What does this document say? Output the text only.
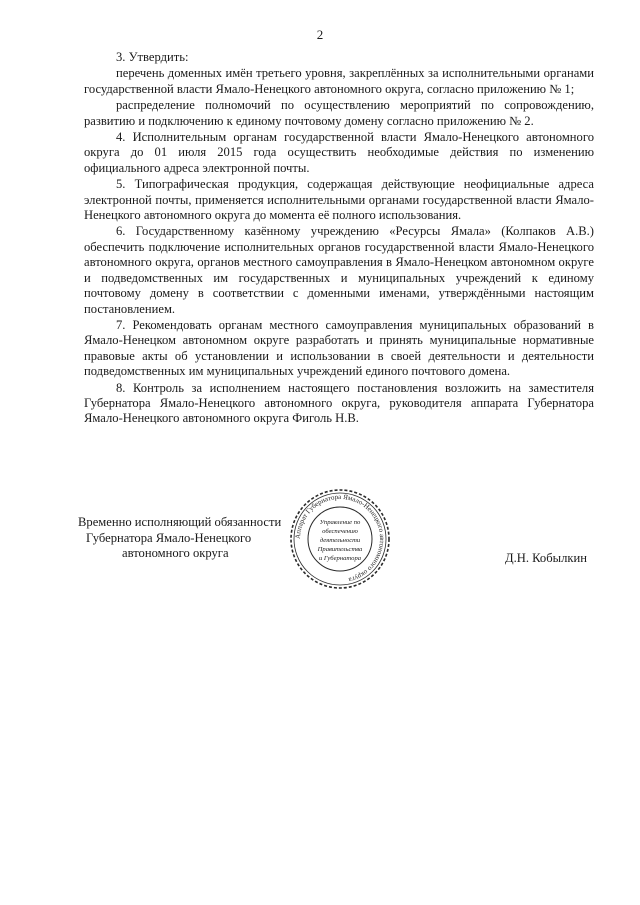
2

3. Утвердить:

перечень доменных имён третьего уровня, закреплённых за исполнительными органами государственной власти Ямало-Ненецкого автономного округа, согласно приложению № 1;

распределение полномочий по осуществлению мероприятий по сопровождению, развитию и подключению к единому почтовому домену согласно приложению № 2.

4. Исполнительным органам государственной власти Ямало-Ненецкого автономного округа до 01 июля 2015 года осуществить необходимые действия по изменению официального адреса электронной почты.

5. Типографическая продукция, содержащая действующие неофициальные адреса электронной почты, применяется исполнительными органами государственной власти Ямало-Ненецкого автономного округа до момента её полного использования.

6. Государственному казённому учреждению «Ресурсы Ямала» (Колпаков А.В.) обеспечить подключение исполнительных органов государственной власти Ямало-Ненецкого автономного округа, органов местного самоуправления в Ямало-Ненецком автономном округе и подведомственных им государственных и муниципальных учреждений к единому почтовому домену в соответствии с доменными именами, утверждёнными настоящим постановлением.

7. Рекомендовать органам местного самоуправления муниципальных образований в Ямало-Ненецком автономном округе разработать и принять муниципальные нормативные правовые акты об установлении и использовании в своей деятельности и деятельности подведомственных им муниципальных учреждений единого почтового домена.

8. Контроль за исполнением настоящего постановления возложить на заместителя Губернатора Ямало-Ненецкого автономного округа, руководителя аппарата Губернатора Ямало-Ненецкого автономного округа Фиголь Н.В.

Временно исполняющий обязанности
Губернатора Ямало-Ненецкого
автономного округа	Д.Н. Кобылкин
Аппарат Губернатора Ямало-Ненецкого автономного округа
Управление по
обеспечению
деятельности
Правительства
и Губернатора
